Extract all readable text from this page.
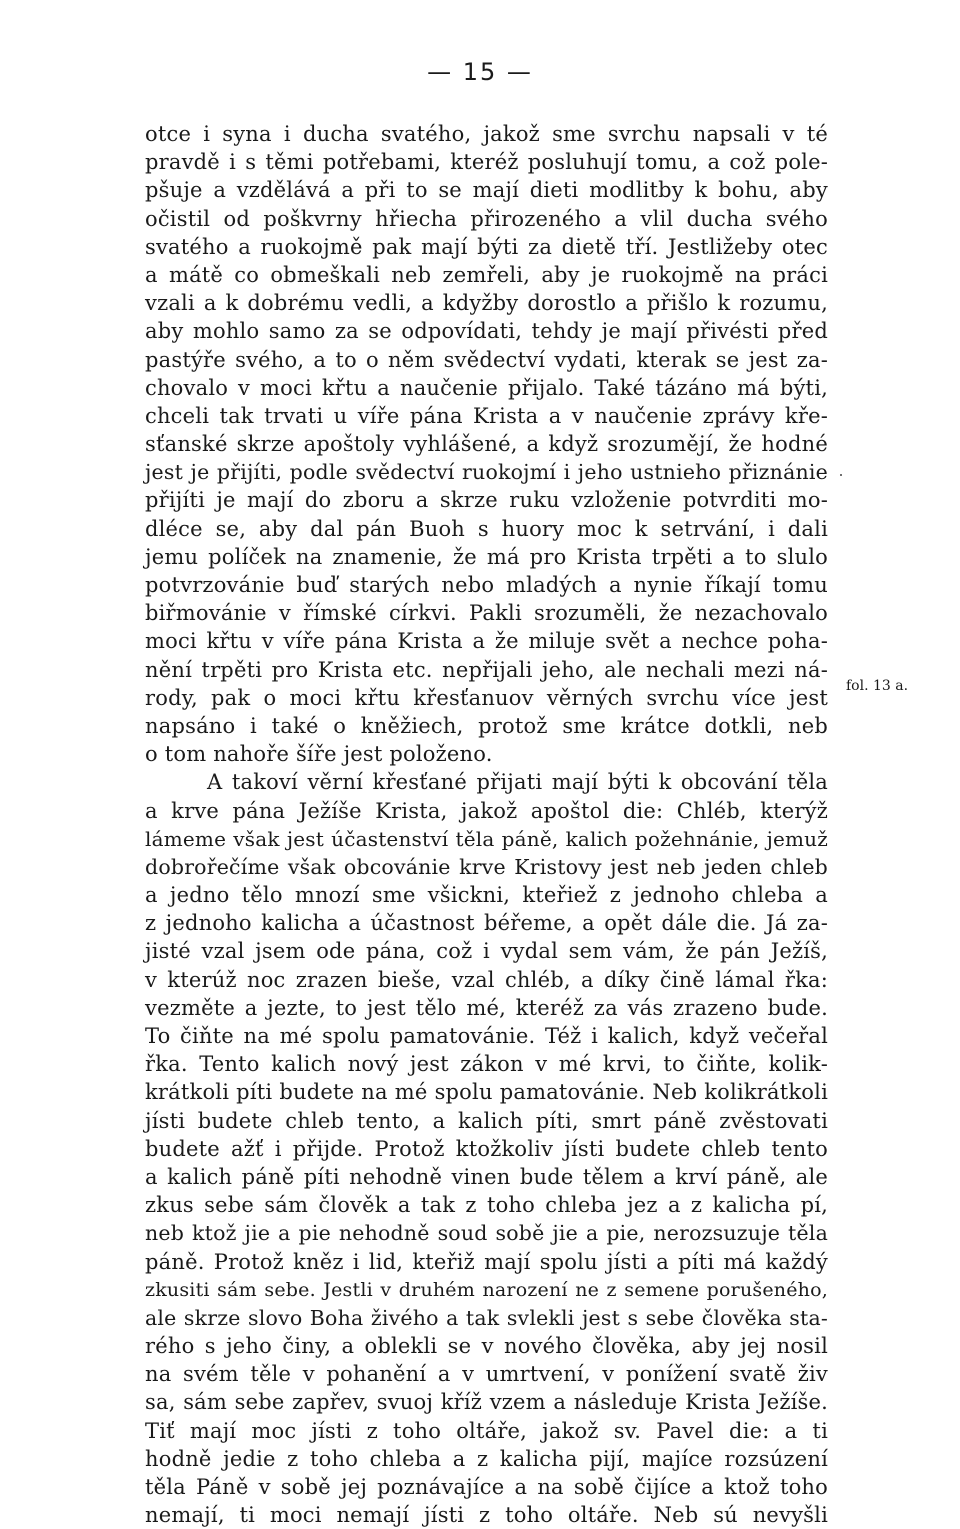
— 15 —
otce i syna i ducha svatého, jakož sme svrchu napsali v té
pravdě i s těmi potřebami, kteréž posluhují tomu, a což pole-
pšuje a vzdělává a při to se mají dieti modlitby k bohu, aby
očistil od poškvrny hřiecha přirozeného a vlil ducha svého
svatého a ruokojmě pak mají býti za dietě tří. Jestližeby otec
a mátě co obmeškali neb zemřeli, aby je ruokojmě na práci
vzali a k dobrému vedli, a kdyžby dorostlo a přišlo k rozumu,
aby mohlo samo za se odpovídati, tehdy je mají přivésti před
pastýře svého, a to o něm svědectví vydati, kterak se jest za-
chovalo v moci křtu a naučenie přijalo. Také tázáno má býti,
chceli tak trvati u víře pána Krista a v naučenie zprávy křе-
sťanské skrze apoštoly vyhlášené, a když srozumějí, že hodné
jest je přijíti, podle svědectví ruokojmí i jeho ustnieho přiznánie
přijíti je mají do zboru a skrze ruku vzloženie potvrditi mo-
dléce se, aby dal pán Buoh s huory moc k setrvání, i dali
jemu políček na znamenie, že má pro Krista trpěti a to slulo
potvrzovánie buď starých nebo mladých a nynie říkají tomu
biřmovánie v římské církvi. Pakli srozuměli, že nezachovalo
moci křtu v víře pána Krista a že miluje svět a nechce poha-
nění trpěti pro Krista etc. nepřijali jeho, ale nechali mezi ná-
rody, pak o moci křtu křesťanuov věrných svrchu více jest
napsáno i také o kněžiech, protož sme krátce dotkli, neb
o tom nahoře šíře jest položeno.
A takoví věrní křesťané přijati mají býti k obcování těla
a krve pána Ježíše Krista, jakož apoštol die: Chléb, kterýž
lámeme však jest účastenství těla páně, kalich požehnánie, jemuž
dobrořečíme však obcovánie krve Kristovy jest neb jeden chleb
a jedno tělo mnozí sme všickni, kteřiež z jednoho chleba a
z jednoho kalicha a účastnost béřeme, a opět dále die. Já za-
jisté vzal jsem ode pána, což i vydal sem vám, že pán Ježíš,
v kterúž noc zrazen bieše, vzal chléb, a díky čině lámal řka:
vezměte a jezte, to jest tělo mé, kteréž za vás zrazeno bude.
To čiňte na mé spolu pamatovánie. Též i kalich, když večeřal
řka. Tento kalich nový jest zákon v mé krvi, to čiňte, kolik-
krátkoli píti budete na mé spolu pamatovánie. Neb kolikrátkoli
jísti budete chleb tento, a kalich píti, smrt páně zvěstovati
budete ažť i přijde. Protož ktožkoliv jísti budete chleb tento
a kalich páně píti nehodně vinen bude tělem a krví páně, ale
zkus sebe sám člověk a tak z toho chleba jez a z kalicha pí,
neb ktož jie a pie nehodně soud sobě jie a pie, nerozsuzuje těla
páně. Protož kněz i lid, kteřiž mají spolu jísti a píti má každý
zkusiti sám sebe. Jestli v druhém narození ne z semene porušeného,
ale skrze slovo Boha živého a tak svlekli jest s sebe člověka sta-
rého s jeho činy, a oblekli se v nového člověka, aby jej nosil
na svém těle v pohanění a v umrtvení, v ponížení svatě živ
sa, sám sebe zapřev, svuoj kříž vzem a následuje Krista Ježíše.
Tiť mají moc jísti z toho oltáře, jakož sv. Pavel die: a ti
hodně jedie z toho chleba a z kalicha pijí, majíce rozsúzení
těla Páně v sobě jej poznávajíce a na sobě čijíce a ktož toho
nemají, ti moci nemají jísti z toho oltáře. Neb sú nevyšli
fol. 13 a.
